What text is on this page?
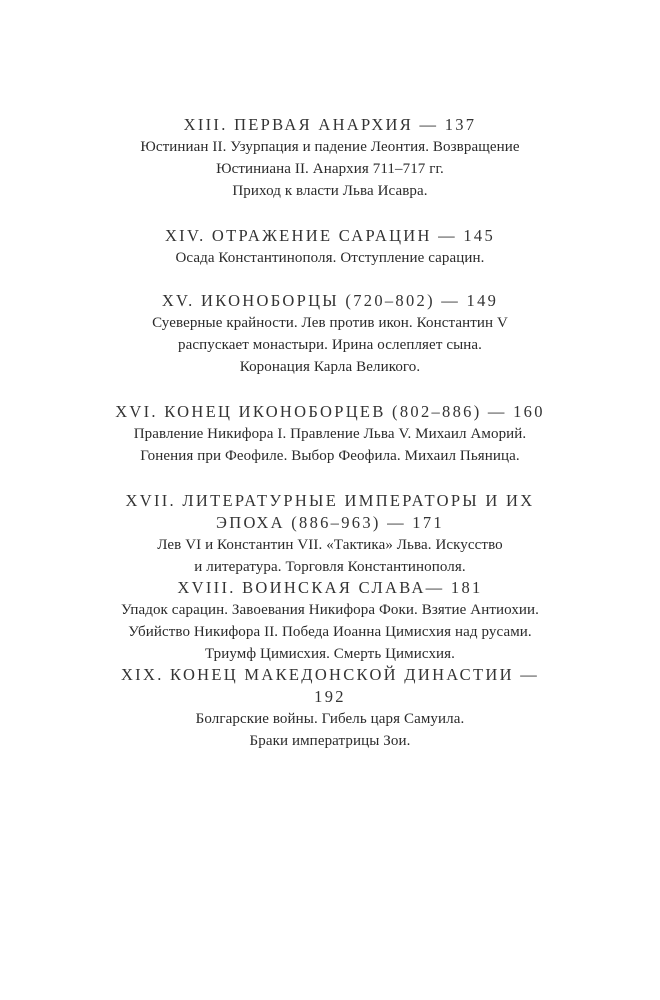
XIII. ПЕРВАЯ АНАРХИЯ — 137
Юстиниан II. Узурпация и падение Леонтия. Возвращение
Юстиниана II. Анархия 711–717 гг.
Приход к власти Льва Исавра.
XIV. ОТРАЖЕНИЕ САРАЦИН — 145
Осада Константинополя. Отступление сарацин.
XV. ИКОНОБОРЦЫ (720–802) — 149
Суеверные крайности. Лев против икон. Константин V
распускает монастыри. Ирина ослепляет сына.
Коронация Карла Великого.
XVI. КОНЕЦ ИКОНОБОРЦЕВ (802–886) — 160
Правление Никифора I. Правление Льва V. Михаил Аморий.
Гонения при Феофиле. Выбор Феофила. Михаил Пьяница.
XVII. ЛИТЕРАТУРНЫЕ ИМПЕРАТОРЫ И ИХ
ЭПОХА (886–963) — 171
Лев VI и Константин VII. «Тактика» Льва. Искусство
и литература. Торговля Константинополя.
XVIII. ВОИНСКАЯ СЛАВА— 181
Упадок сарацин. Завоевания Никифора Фоки. Взятие Антиохии.
Убийство Никифора II. Победа Иоанна Цимисхия над русами.
Триумф Цимисхия. Смерть Цимисхия.
XIX. КОНЕЦ МАКЕДОНСКОЙ ДИНАСТИИ —
192
Болгарские войны. Гибель царя Самуила.
Браки императрицы Зои.
